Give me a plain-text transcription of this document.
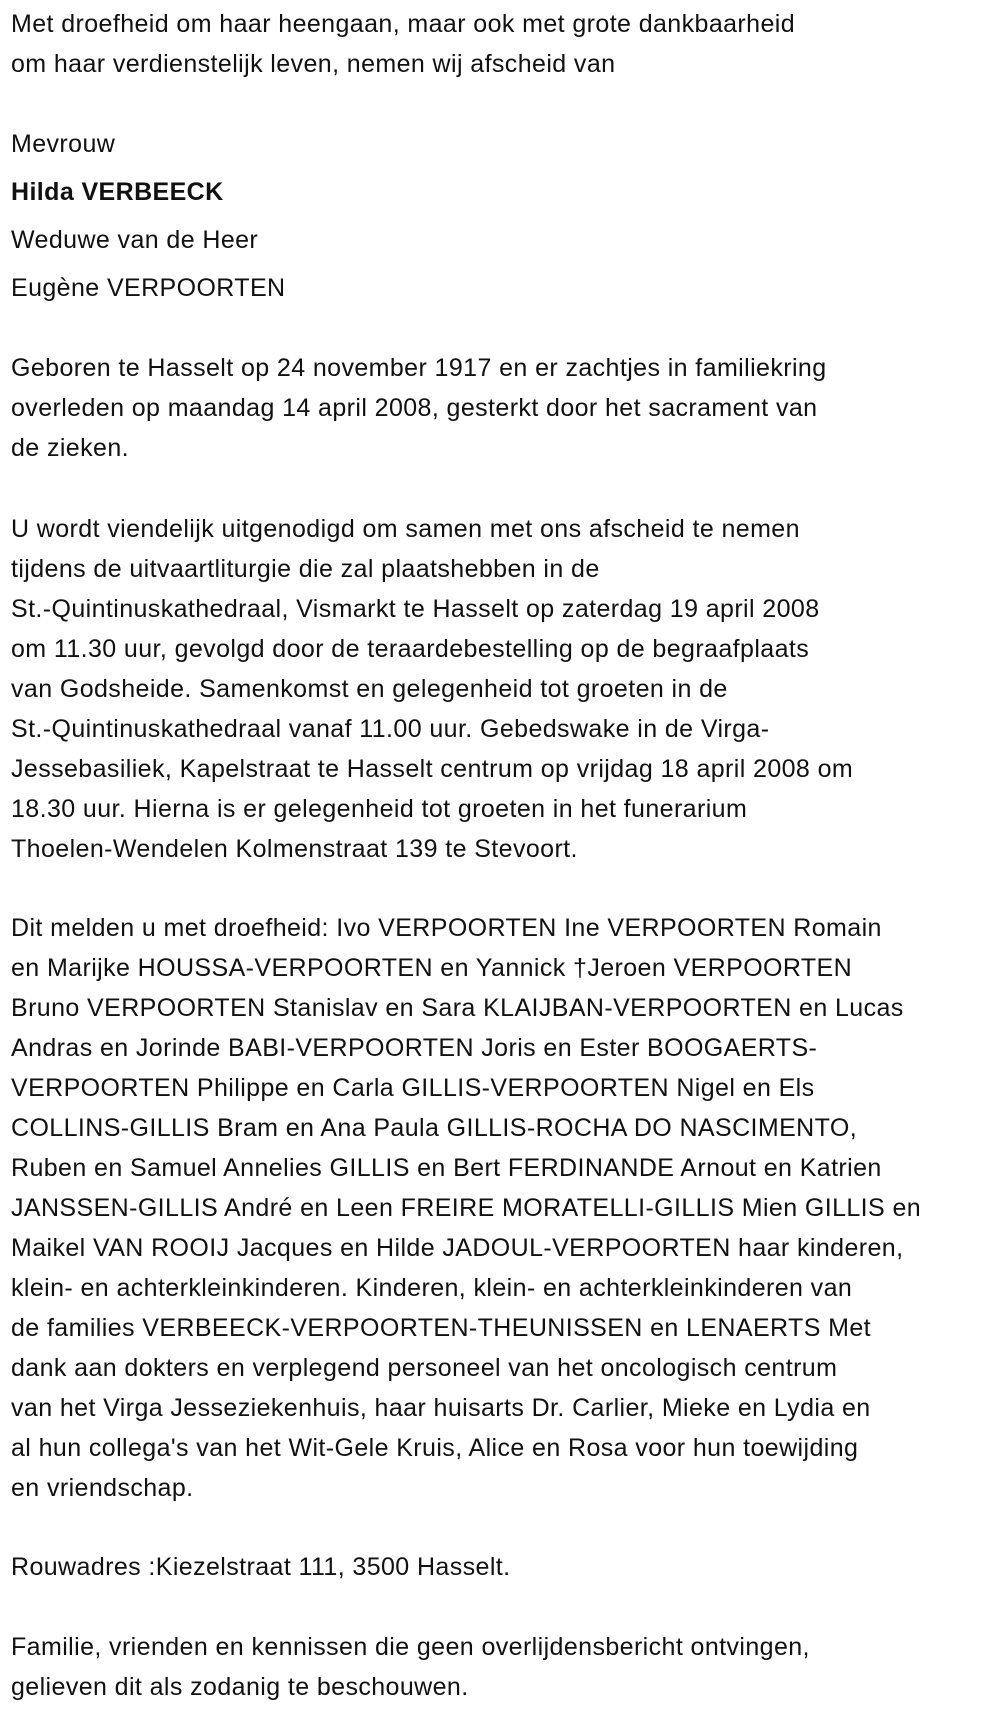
Met droefheid om haar heengaan, maar ook met grote dankbaarheid
om haar verdienstelijk leven, nemen wij afscheid van
Mevrouw
Hilda VERBEECK
Weduwe van de Heer
Eugène VERPOORTEN
Geboren te Hasselt op 24 november 1917 en er zachtjes in familiekring
overleden op maandag 14 april 2008, gesterkt door het sacrament van
de zieken.
U wordt viendelijk uitgenodigd om samen met ons afscheid te nemen
tijdens de uitvaartliturgie die zal plaatshebben in de
St.-Quintinuskathedraal, Vismarkt te Hasselt op zaterdag 19 april 2008
om 11.30 uur, gevolgd door de teraardebestelling op de begraafplaats
van Godsheide. Samenkomst en gelegenheid tot groeten in de
St.-Quintinuskathedraal vanaf 11.00 uur. Gebedswake in de Virga-
Jessebasiliek, Kapelstraat te Hasselt centrum op vrijdag 18 april 2008 om
18.30 uur. Hierna is er gelegenheid tot groeten in het funerarium
Thoelen-Wendelen Kolmenstraat 139 te Stevoort.
Dit melden u met droefheid: Ivo VERPOORTEN Ine VERPOORTEN Romain
en Marijke HOUSSA-VERPOORTEN en Yannick †Jeroen VERPOORTEN
Bruno VERPOORTEN Stanislav en Sara KLAIJBAN-VERPOORTEN en Lucas
Andras en Jorinde BABI-VERPOORTEN Joris en Ester BOOGAERTS-
VERPOORTEN Philippe en Carla GILLIS-VERPOORTEN Nigel en Els
COLLINS-GILLIS Bram en Ana Paula GILLIS-ROCHA DO NASCIMENTO,
Ruben en Samuel Annelies GILLIS en Bert FERDINANDE Arnout en Katrien
JANSSEN-GILLIS André en Leen FREIRE MORATELLI-GILLIS Mien GILLIS en
Maikel VAN ROOIJ Jacques en Hilde JADOUL-VERPOORTEN haar kinderen,
klein- en achterkleinkinderen. Kinderen, klein- en achterkleinkinderen van
de families VERBEECK-VERPOORTEN-THEUNISSEN en LENAERTS Met
dank aan dokters en verplegend personeel van het oncologisch centrum
van het Virga Jesseziekenhuis, haar huisarts Dr. Carlier, Mieke en Lydia en
al hun collega's van het Wit-Gele Kruis, Alice en Rosa voor hun toewijding
en vriendschap.
Rouwadres :Kiezelstraat 111, 3500 Hasselt.
Familie, vrienden en kennissen die geen overlijdensbericht ontvingen,
gelieven dit als zodanig te beschouwen.
